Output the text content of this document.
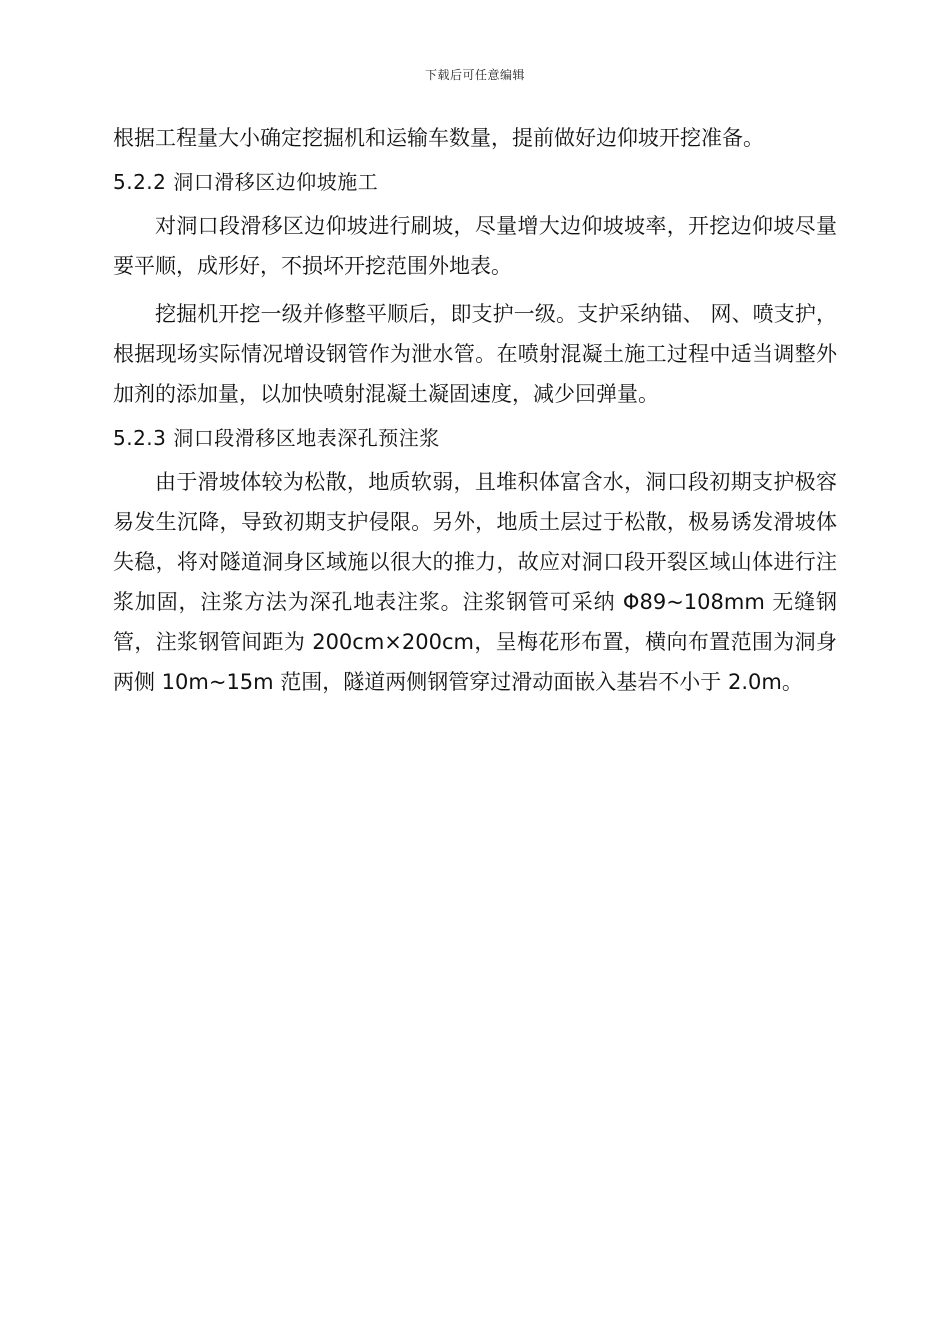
下载后可任意编辑

根据工程量大小确定挖掘机和运输车数量，提前做好边仰坡开挖准备。

5.2.2 洞口滑移区边仰坡施工

对洞口段滑移区边仰坡进行刷坡，尽量增大边仰坡坡率，开挖边仰坡尽量要平顺，成形好，不损坏开挖范围外地表。

挖掘机开挖一级并修整平顺后，即支护一级。支护采纳锚、 网、喷支护，根据现场实际情况增设钢管作为泄水管。在喷射混凝土施工过程中适当调整外加剂的添加量，以加快喷射混凝土凝固速度，减少回弹量。

5.2.3 洞口段滑移区地表深孔预注浆

由于滑坡体较为松散，地质软弱，且堆积体富含水，洞口段初期支护极容易发生沉降，导致初期支护侵限。另外，地质土层过于松散，极易诱发滑坡体失稳，将对隧道洞身区域施以很大的推力，故应对洞口段开裂区域山体进行注浆加固，注浆方法为深孔地表注浆。注浆钢管可采纳 Φ89~108mm 无缝钢管，注浆钢管间距为 200cm×200cm，呈梅花形布置，横向布置范围为洞身两侧 10m~15m 范围，隧道两侧钢管穿过滑动面嵌入基岩不小于 2.0m。
